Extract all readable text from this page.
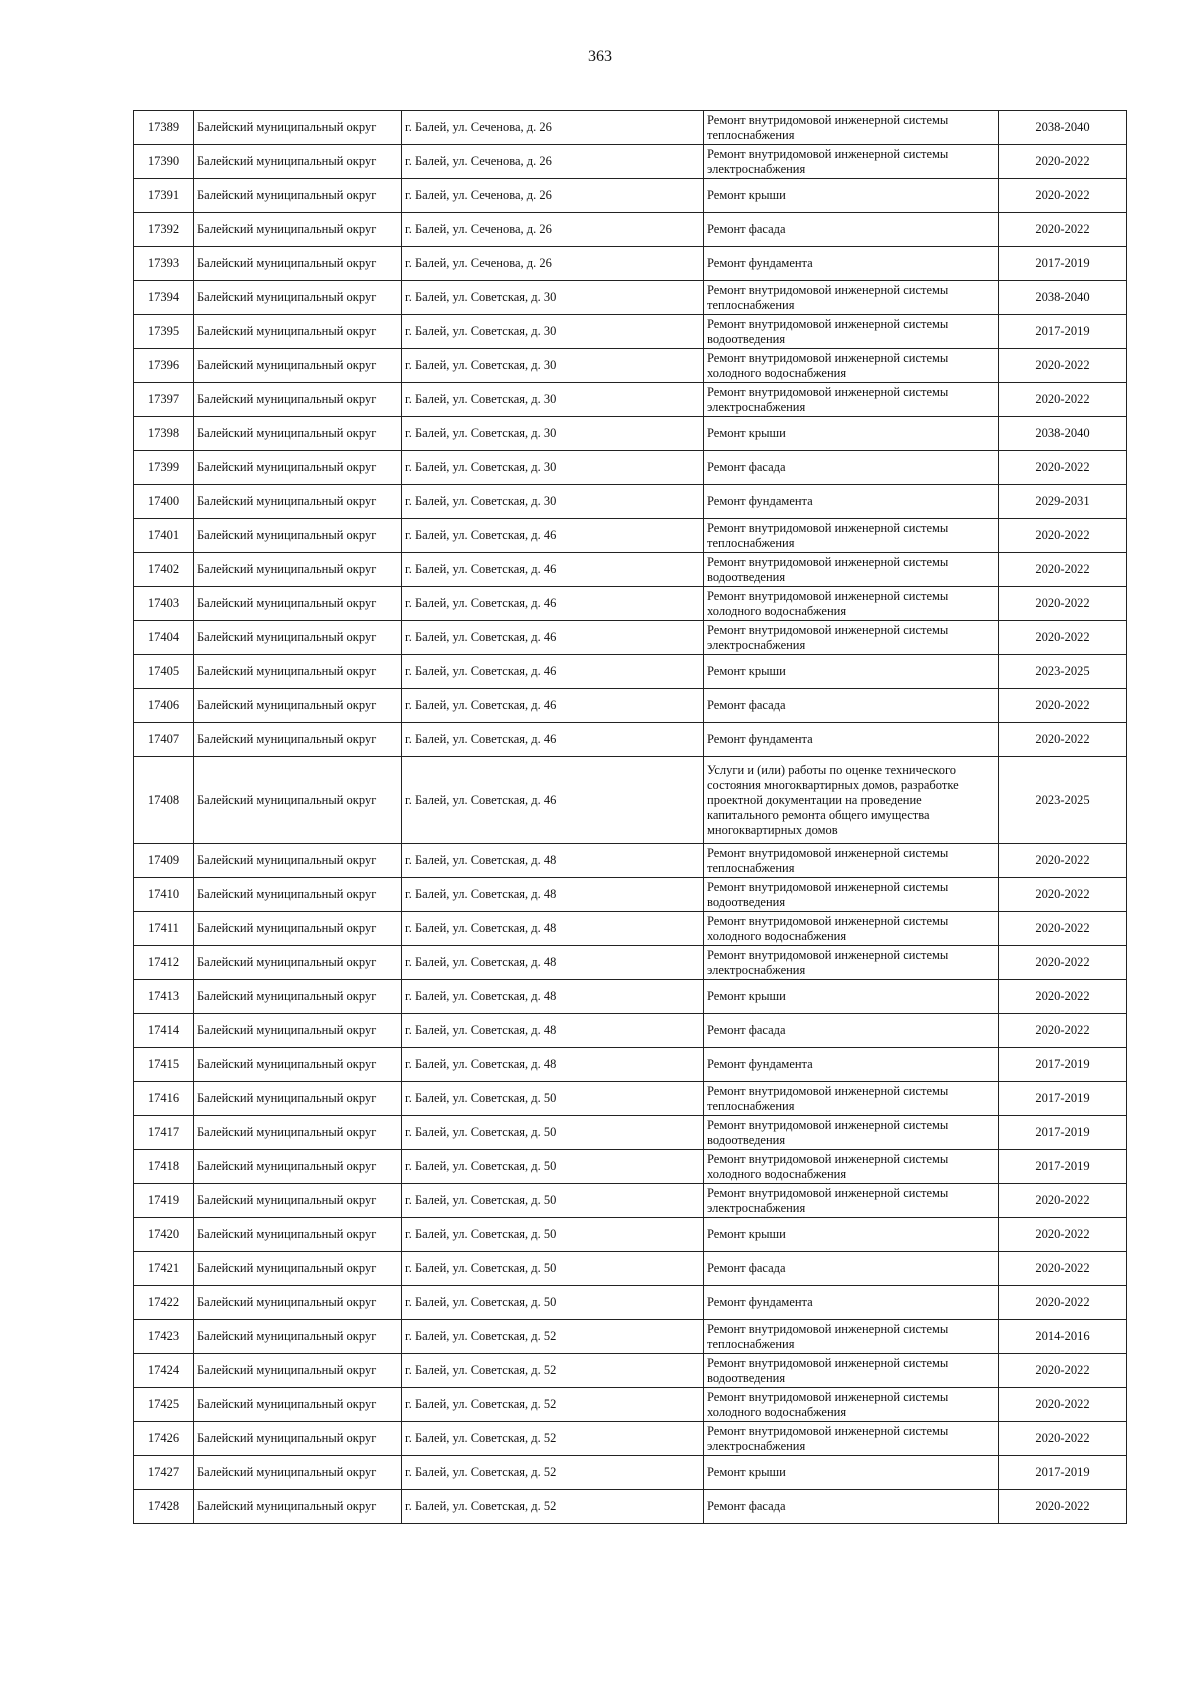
363
17389	Балейский муниципальный округ	г. Балей, ул. Сеченова, д. 26	Ремонт внутридомовой инженерной системы
теплоснабжения	2038-2040
17390	Балейский муниципальный округ	г. Балей, ул. Сеченова, д. 26	Ремонт внутридомовой инженерной системы
электроснабжения	2020-2022
17391	Балейский муниципальный округ	г. Балей, ул. Сеченова, д. 26	Ремонт крыши	2020-2022
17392	Балейский муниципальный округ	г. Балей, ул. Сеченова, д. 26	Ремонт фасада	2020-2022
17393	Балейский муниципальный округ	г. Балей, ул. Сеченова, д. 26	Ремонт фундамента	2017-2019
17394	Балейский муниципальный округ	г. Балей, ул. Советская, д. 30	Ремонт внутридомовой инженерной системы
теплоснабжения	2038-2040
17395	Балейский муниципальный округ	г. Балей, ул. Советская, д. 30	Ремонт внутридомовой инженерной системы
водоотведения	2017-2019
17396	Балейский муниципальный округ	г. Балей, ул. Советская, д. 30	Ремонт внутридомовой инженерной системы
холодного водоснабжения	2020-2022
17397	Балейский муниципальный округ	г. Балей, ул. Советская, д. 30	Ремонт внутридомовой инженерной системы
электроснабжения	2020-2022
17398	Балейский муниципальный округ	г. Балей, ул. Советская, д. 30	Ремонт крыши	2038-2040
17399	Балейский муниципальный округ	г. Балей, ул. Советская, д. 30	Ремонт фасада	2020-2022
17400	Балейский муниципальный округ	г. Балей, ул. Советская, д. 30	Ремонт фундамента	2029-2031
17401	Балейский муниципальный округ	г. Балей, ул. Советская, д. 46	Ремонт внутридомовой инженерной системы
теплоснабжения	2020-2022
17402	Балейский муниципальный округ	г. Балей, ул. Советская, д. 46	Ремонт внутридомовой инженерной системы
водоотведения	2020-2022
17403	Балейский муниципальный округ	г. Балей, ул. Советская, д. 46	Ремонт внутридомовой инженерной системы
холодного водоснабжения	2020-2022
17404	Балейский муниципальный округ	г. Балей, ул. Советская, д. 46	Ремонт внутридомовой инженерной системы
электроснабжения	2020-2022
17405	Балейский муниципальный округ	г. Балей, ул. Советская, д. 46	Ремонт крыши	2023-2025
17406	Балейский муниципальный округ	г. Балей, ул. Советская, д. 46	Ремонт фасада	2020-2022
17407	Балейский муниципальный округ	г. Балей, ул. Советская, д. 46	Ремонт фундамента	2020-2022
17408	Балейский муниципальный округ	г. Балей, ул. Советская, д. 46	Услуги и (или) работы по оценке технического
состояния многоквартирных домов, разработке
проектной документации на проведение
капитального ремонта общего имущества
многоквартирных домов	2023-2025
17409	Балейский муниципальный округ	г. Балей, ул. Советская, д. 48	Ремонт внутридомовой инженерной системы
теплоснабжения	2020-2022
17410	Балейский муниципальный округ	г. Балей, ул. Советская, д. 48	Ремонт внутридомовой инженерной системы
водоотведения	2020-2022
17411	Балейский муниципальный округ	г. Балей, ул. Советская, д. 48	Ремонт внутридомовой инженерной системы
холодного водоснабжения	2020-2022
17412	Балейский муниципальный округ	г. Балей, ул. Советская, д. 48	Ремонт внутридомовой инженерной системы
электроснабжения	2020-2022
17413	Балейский муниципальный округ	г. Балей, ул. Советская, д. 48	Ремонт крыши	2020-2022
17414	Балейский муниципальный округ	г. Балей, ул. Советская, д. 48	Ремонт фасада	2020-2022
17415	Балейский муниципальный округ	г. Балей, ул. Советская, д. 48	Ремонт фундамента	2017-2019
17416	Балейский муниципальный округ	г. Балей, ул. Советская, д. 50	Ремонт внутридомовой инженерной системы
теплоснабжения	2017-2019
17417	Балейский муниципальный округ	г. Балей, ул. Советская, д. 50	Ремонт внутридомовой инженерной системы
водоотведения	2017-2019
17418	Балейский муниципальный округ	г. Балей, ул. Советская, д. 50	Ремонт внутридомовой инженерной системы
холодного водоснабжения	2017-2019
17419	Балейский муниципальный округ	г. Балей, ул. Советская, д. 50	Ремонт внутридомовой инженерной системы
электроснабжения	2020-2022
17420	Балейский муниципальный округ	г. Балей, ул. Советская, д. 50	Ремонт крыши	2020-2022
17421	Балейский муниципальный округ	г. Балей, ул. Советская, д. 50	Ремонт фасада	2020-2022
17422	Балейский муниципальный округ	г. Балей, ул. Советская, д. 50	Ремонт фундамента	2020-2022
17423	Балейский муниципальный округ	г. Балей, ул. Советская, д. 52	Ремонт внутридомовой инженерной системы
теплоснабжения	2014-2016
17424	Балейский муниципальный округ	г. Балей, ул. Советская, д. 52	Ремонт внутридомовой инженерной системы
водоотведения	2020-2022
17425	Балейский муниципальный округ	г. Балей, ул. Советская, д. 52	Ремонт внутридомовой инженерной системы
холодного водоснабжения	2020-2022
17426	Балейский муниципальный округ	г. Балей, ул. Советская, д. 52	Ремонт внутридомовой инженерной системы
электроснабжения	2020-2022
17427	Балейский муниципальный округ	г. Балей, ул. Советская, д. 52	Ремонт крыши	2017-2019
17428	Балейский муниципальный округ	г. Балей, ул. Советская, д. 52	Ремонт фасада	2020-2022
